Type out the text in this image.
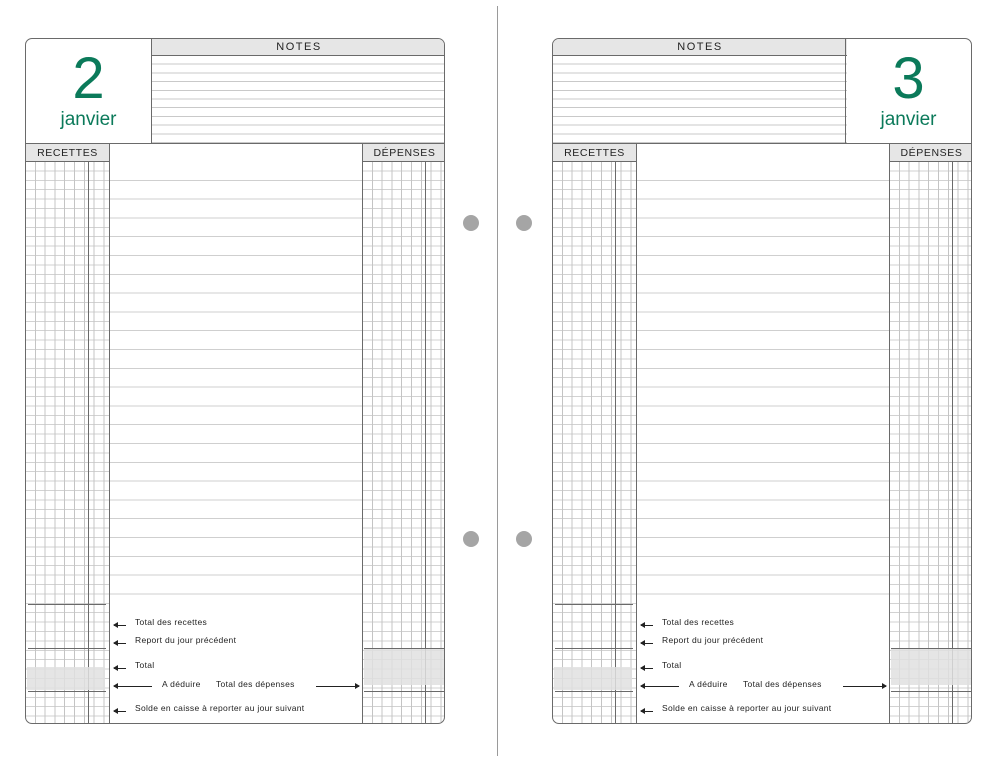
2
janvier
NOTES
RECETTES	DÉPENSES
Total des recettes
Report du jour précédent
Total
A déduire Total des dépenses
Solde en caisse à reporter au jour suivant
NOTES	3
janvier
RECETTES	DÉPENSES
Total des recettes
Report du jour précédent
Total
A déduire Total des dépenses
Solde en caisse à reporter au jour suivant
